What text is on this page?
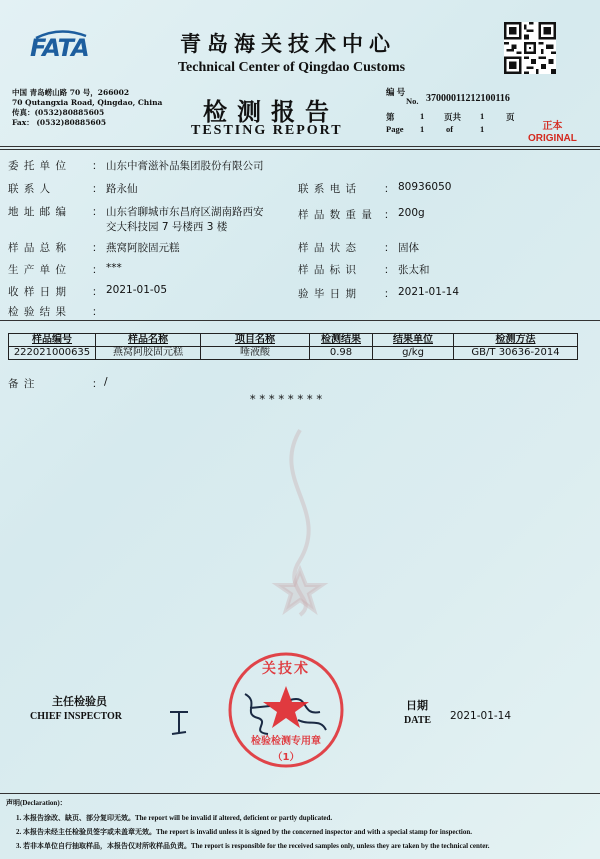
FATA
中国 青岛崂山路 70 号，266002
70 Qutangxia Road, Qingdao, China
传真：(0532)80885605
Fax： (0532)80885605
青岛海关技术中心
Technical Center of Qingdao Customs
检测报告
TESTING REPORT
编 号
No. 37000011212100116
第	1 页共 1	页
Page 1	of	1	正本
ORIGINAL
委 托 单 位 ： 山东中膏滋补品集团股份有限公司
联 系 人	： 路永仙	联 系 电 话	： 80936050
地 址 邮 编 ： 山东省聊城市东昌府区湖南路西安
交大科技园 7 号楼西 3 楼
样 品 数 重 量 ： 200g
样 品 总 称 ： 燕窝阿胶固元糕	样 品 状 态	： 固体
生 产 单 位 ： ***	样 品 标 识	： 张太和
收 样 日 期 ： 2021-01-05	验 毕 日 期	： 2021-01-14
检 验 结 果 ：
样品编号	样品名称	项目名称	检测结果	结果单位	检测方法
222021000635	燕窝阿胶固元糕	唾液酸	0.98	g/kg	GB/T 30636-2014
备 注	： /
********
主任检验员
CHIEF INSPECTOR
关技术
检验检测专用章
（1）
日期
DATE 2021-01-14
声明(Declaration)：
1. 本报告涂改、缺页、部分复印无效。The report will be invalid if altered, deficient or partly duplicated.
2. 本报告未经主任检验员签字或未盖章无效。The report is invalid unless it is signed by the concerned inspector and with a special stamp for inspection.
3. 若非本单位自行抽取样品，本报告仅对所收样品负责。The report is responsible for the received samples only, unless they are taken by the technical center.
